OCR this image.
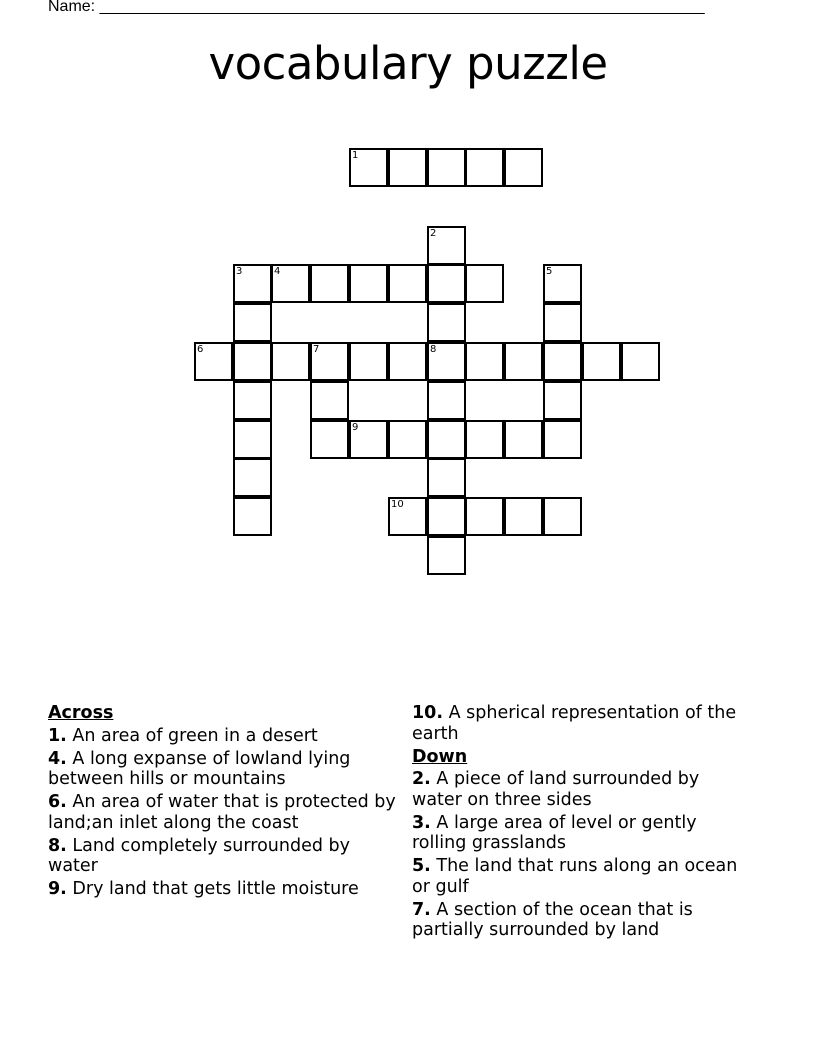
Name: ____________________________________________________________________
vocabulary puzzle
1
2
3	4	5
6	7	8
9
10
Across
1. An area of green in a desert
4. A long expanse of lowland lying between hills or mountains
6. An area of water that is protected by land;an inlet along the coast
8. Land completely surrounded by water
9. Dry land that gets little moisture
10. A spherical representation of the earth
Down
2. A piece of land surrounded by water on three sides
3. A large area of level or gently rolling grasslands
5. The land that runs along an ocean or gulf
7. A section of the ocean that is partially surrounded by land
